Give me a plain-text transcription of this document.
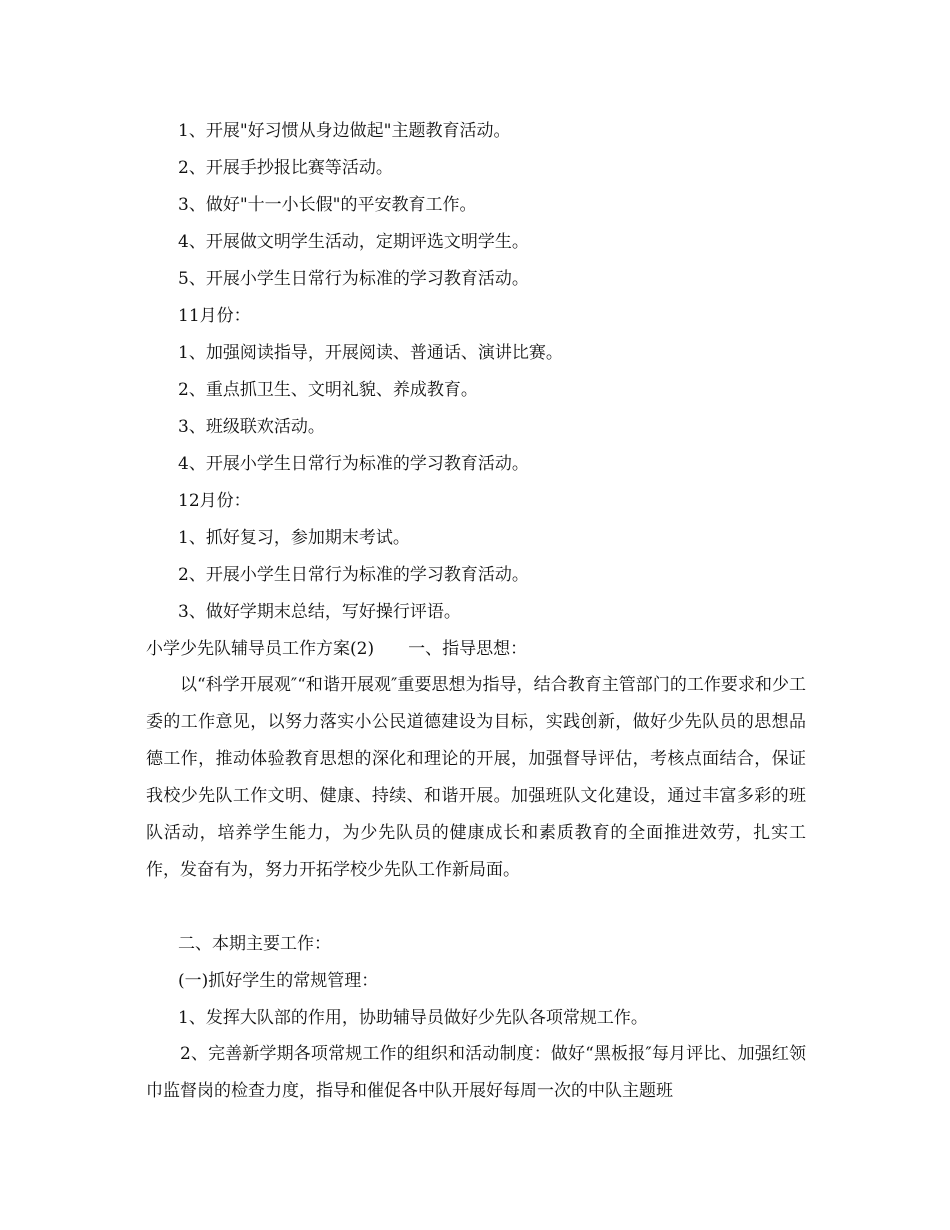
1、开展"好习惯从身边做起"主题教育活动。
2、开展手抄报比赛等活动。
3、做好"十一小长假"的平安教育工作。
4、开展做文明学生活动，定期评选文明学生。
5、开展小学生日常行为标准的学习教育活动。
11月份：
1、加强阅读指导，开展阅读、普通话、演讲比赛。
2、重点抓卫生、文明礼貌、养成教育。
3、班级联欢活动。
4、开展小学生日常行为标准的学习教育活动。
12月份：
1、抓好复习，参加期末考试。
2、开展小学生日常行为标准的学习教育活动。
3、做好学期末总结，写好操行评语。
小学少先队辅导员工作方案(2)　　一、指导思想：

以“科学开展观″“和谐开展观″重要思想为指导，结合教育主管部门的工作要求和少工委的工作意见，以努力落实小公民道德建设为目标，实践创新，做好少先队员的思想品德工作，推动体验教育思想的深化和理论的开展，加强督导评估，考核点面结合，保证我校少先队工作文明、健康、持续、和谐开展。加强班队文化建设，通过丰富多彩的班队活动，培养学生能力，为少先队员的健康成长和素质教育的全面推进效劳，扎实工作，发奋有为，努力开拓学校少先队工作新局面。

二、本期主要工作：
(一)抓好学生的常规管理：
1、发挥大队部的作用，协助辅导员做好少先队各项常规工作。

2、完善新学期各项常规工作的组织和活动制度：做好“黑板报″每月评比、加强红领巾监督岗的检查力度，指导和催促各中队开展好每周一次的中队主题班
